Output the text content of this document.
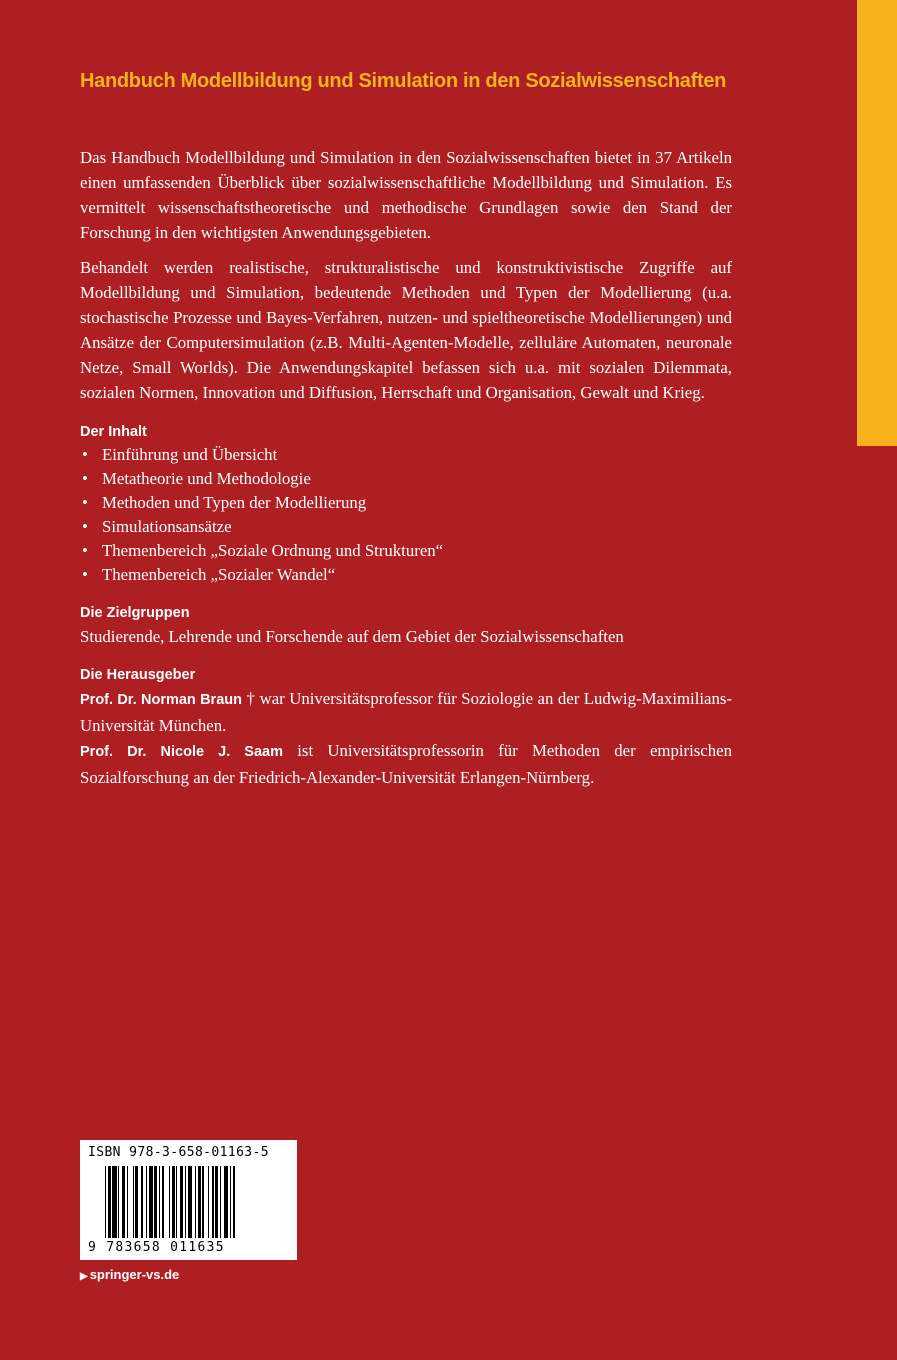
Handbuch Modellbildung und Simulation in den Sozialwissenschaften

Das Handbuch Modellbildung und Simulation in den Sozialwissenschaften bietet in 37 Artikeln einen umfassenden Überblick über sozialwissenschaftliche Modellbildung und Simulation. Es vermittelt wissenschaftstheoretische und methodische Grundlagen sowie den Stand der Forschung in den wichtigsten Anwendungsgebieten.

Behandelt werden realistische, strukturalistische und konstruktivistische Zugriffe auf Modellbildung und Simulation, bedeutende Methoden und Typen der Modellierung (u.a. stochastische Prozesse und Bayes-Verfahren, nutzen- und spieltheoretische Modellierungen) und Ansätze der Computersimulation (z.B. Multi-Agenten-Modelle, zelluläre Automaten, neuronale Netze, Small Worlds). Die Anwendungskapitel befassen sich u.a. mit sozialen Dilemmata, sozialen Normen, Innovation und Diffusion, Herrschaft und Organisation, Gewalt und Krieg.

Der Inhalt

• Einführung und Übersicht
• Metatheorie und Methodologie
• Methoden und Typen der Modellierung
• Simulationsansätze
• Themenbereich „Soziale Ordnung und Strukturen“
• Themenbereich „Sozialer Wandel“

Die Zielgruppen

Studierende, Lehrende und Forschende auf dem Gebiet der Sozialwissenschaften

Die Herausgeber

Prof. Dr. Norman Braun † war Universitätsprofessor für Soziologie an der Ludwig-Maximilians-Universität München.

Prof. Dr. Nicole J. Saam ist Universitätsprofessorin für Methoden der empirischen Sozialforschung an der Friedrich-Alexander-Universität Erlangen-Nürnberg.

ISBN 978-3-658-01163-5
9 783658 011635
▶ springer-vs.de
